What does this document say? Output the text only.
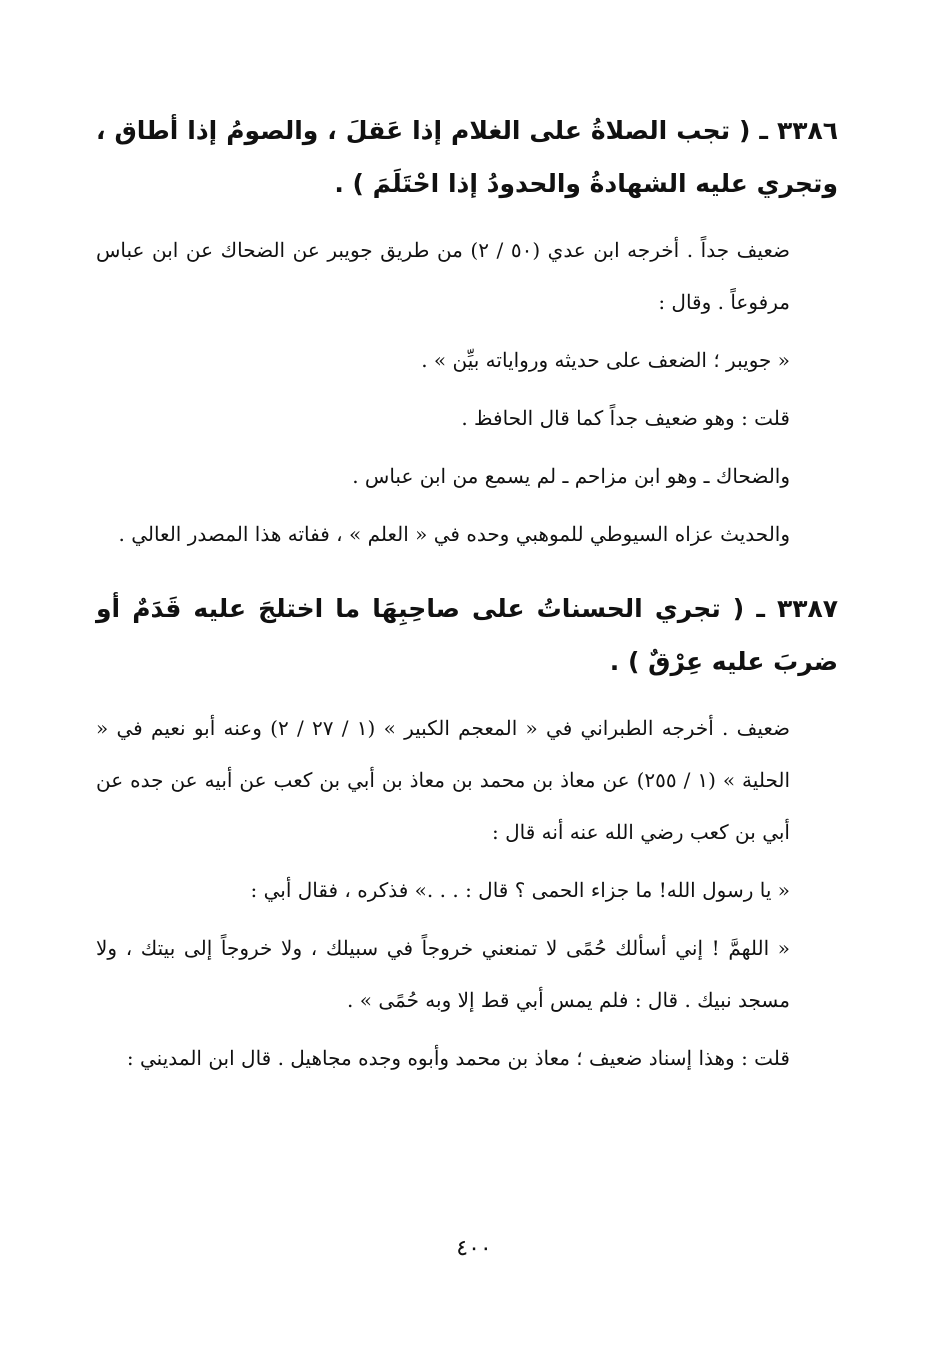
٣٣٨٦ ـ ( تجب الصلاةُ على الغلام إذا عَقلَ ، والصومُ إذا أطاق ، وتجري عليه الشهادةُ والحدودُ إذا احْتَلَمَ ) .

ضعيف جداً . أخرجه ابن عدي (٥٠ / ٢) من طريق جويبر عن الضحاك عن ابن عباس مرفوعاً . وقال :

« جويبر ؛ الضعف على حديثه وروایاته بيِّن » .

قلت : وهو ضعيف جداً كما قال الحافظ .

والضحاك ـ وهو ابن مزاحم ـ لم يسمع من ابن عباس .

والحديث عزاه السيوطي للموهبي وحده في « العلم » ، ففاته هذا المصدر العالي .

٣٣٨٧ ـ ( تجري الحسناتُ على صاحِبِهَا ما اختلجَ عليه قَدَمٌ أو ضربَ عليه عِرْقٌ ) .

ضعيف . أخرجه الطبراني في « المعجم الكبير » (١ / ٢٧ / ٢) وعنه أبو نعيم في « الحلية » (١ / ٢٥٥) عن معاذ بن محمد بن معاذ بن أبي بن كعب عن أبيه عن جده عن أبي بن كعب رضي الله عنه أنه قال :

« يا رسول الله! ما جزاء الحمى ؟ قال : . . .» فذكره ، فقال أبي :

« اللهمَّ ! إني أسألك حُمًى لا تمنعني خروجاً في سبيلك ، ولا خروجاً إلى بيتك ، ولا مسجد نبيك . قال : فلم يمس أبي قط إلا وبه حُمًى » .

قلت : وهذا إسناد ضعيف ؛ معاذ بن محمد وأبوه وجده مجاهيل . قال ابن المديني :

٤٠٠
